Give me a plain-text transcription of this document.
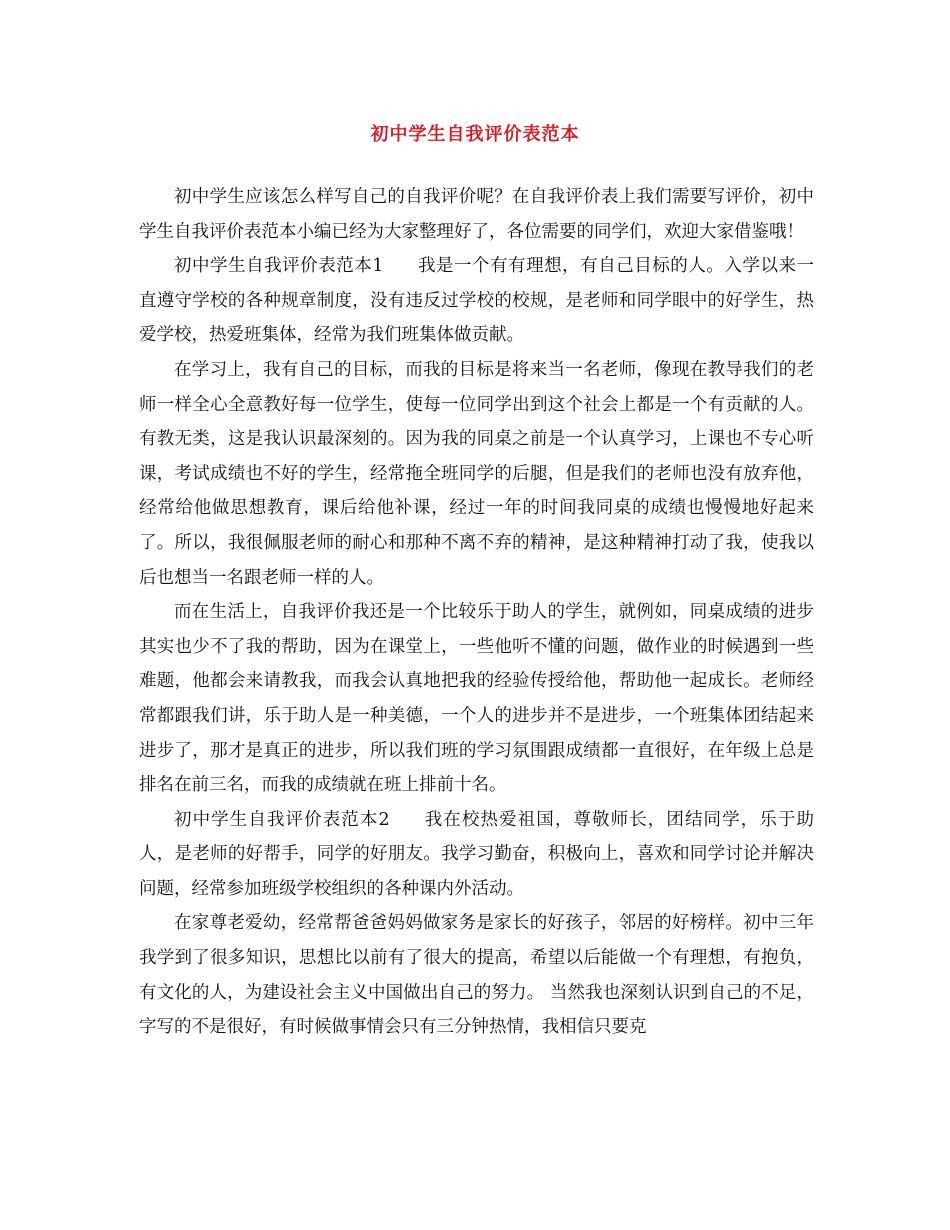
初中学生自我评价表范本

初中学生应该怎么样写自己的自我评价呢？在自我评价表上我们需要写评价，初中学生自我评价表范本小编已经为大家整理好了，各位需要的同学们，欢迎大家借鉴哦！

初中学生自我评价表范本1 我是一个有有理想，有自己目标的人。入学以来一直遵守学校的各种规章制度，没有违反过学校的校规，是老师和同学眼中的好学生，热爱学校，热爱班集体，经常为我们班集体做贡献。

在学习上，我有自己的目标，而我的目标是将来当一名老师，像现在教导我们的老师一样全心全意教好每一位学生，使每一位同学出到这个社会上都是一个有贡献的人。有教无类，这是我认识最深刻的。因为我的同桌之前是一个认真学习，上课也不专心听课，考试成绩也不好的学生，经常拖全班同学的后腿，但是我们的老师也没有放弃他，经常给他做思想教育，课后给他补课，经过一年的时间我同桌的成绩也慢慢地好起来了。所以，我很佩服老师的耐心和那种不离不弃的精神，是这种精神打动了我，使我以后也想当一名跟老师一样的人。

而在生活上，自我评价我还是一个比较乐于助人的学生，就例如，同桌成绩的进步其实也少不了我的帮助，因为在课堂上，一些他听不懂的问题，做作业的时候遇到一些难题，他都会来请教我，而我会认真地把我的经验传授给他，帮助他一起成长。老师经常都跟我们讲，乐于助人是一种美德，一个人的进步并不是进步，一个班集体团结起来进步了，那才是真正的进步，所以我们班的学习氛围跟成绩都一直很好，在年级上总是排名在前三名，而我的成绩就在班上排前十名。

初中学生自我评价表范本2 我在校热爱祖国，尊敬师长，团结同学，乐于助人，是老师的好帮手，同学的好朋友。我学习勤奋，积极向上，喜欢和同学讨论并解决问题，经常参加班级学校组织的各种课内外活动。

在家尊老爱幼，经常帮爸爸妈妈做家务是家长的好孩子，邻居的好榜样。初中三年我学到了很多知识，思想比以前有了很大的提高，希望以后能做一个有理想，有抱负，有文化的人，为建设社会主义中国做出自己的努力。 当然我也深刻认识到自己的不足，字写的不是很好，有时候做事情会只有三分钟热情，我相信只要克
